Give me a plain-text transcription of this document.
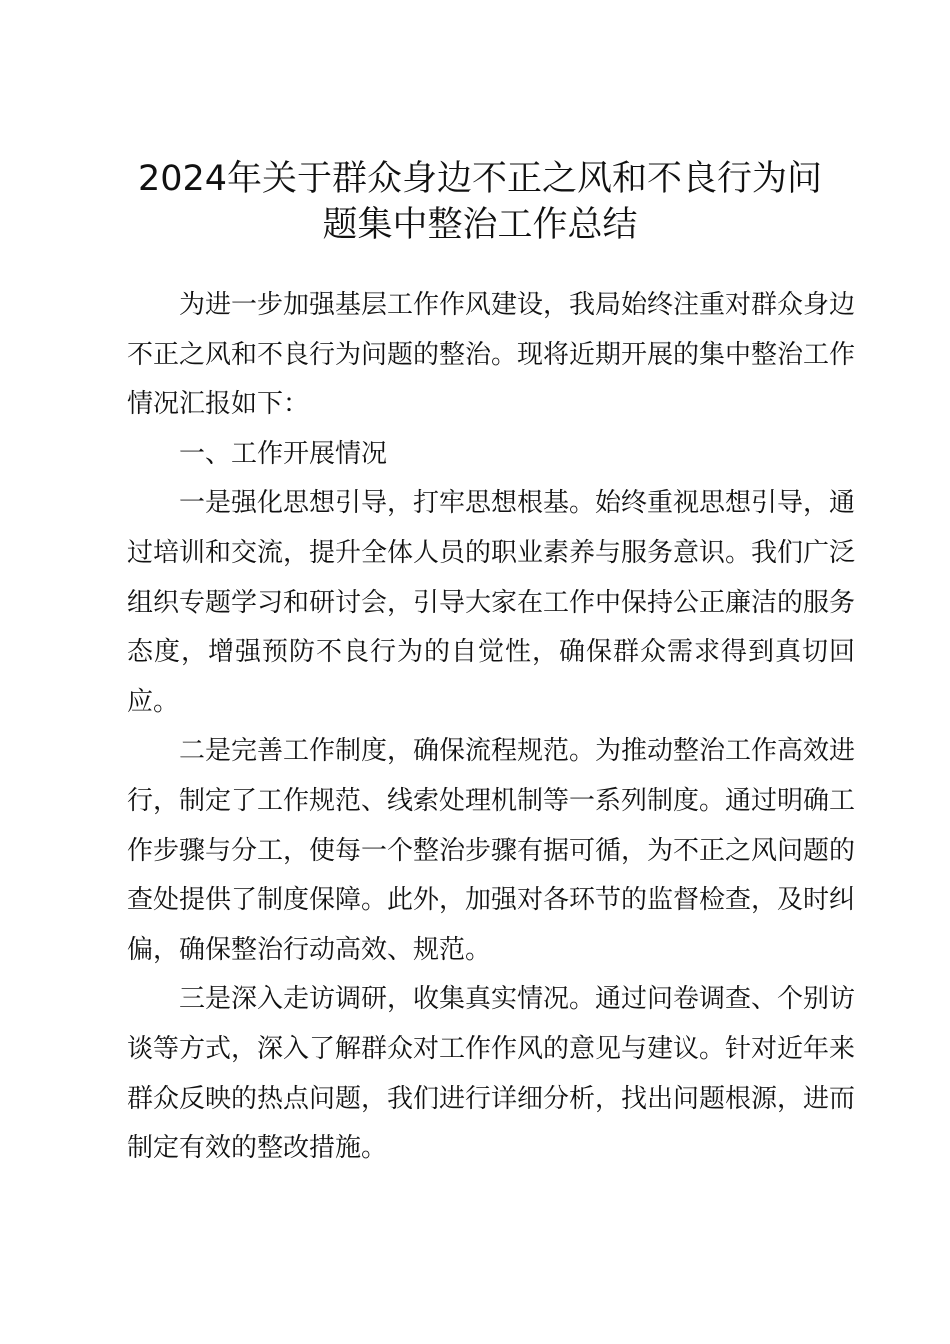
2024年关于群众身边不正之风和不良行为问
题集中整治工作总结

为进一步加强基层工作作风建设，我局始终注重对群众身边不正之风和不良行为问题的整治。现将近期开展的集中整治工作情况汇报如下：

一、工作开展情况

一是强化思想引导，打牢思想根基。始终重视思想引导，通过培训和交流，提升全体人员的职业素养与服务意识。我们广泛组织专题学习和研讨会，引导大家在工作中保持公正廉洁的服务态度，增强预防不良行为的自觉性，确保群众需求得到真切回应。

二是完善工作制度，确保流程规范。为推动整治工作高效进行，制定了工作规范、线索处理机制等一系列制度。通过明确工作步骤与分工，使每一个整治步骤有据可循，为不正之风问题的查处提供了制度保障。此外，加强对各环节的监督检查，及时纠偏，确保整治行动高效、规范。

三是深入走访调研，收集真实情况。通过问卷调查、个别访谈等方式，深入了解群众对工作作风的意见与建议。针对近年来群众反映的热点问题，我们进行详细分析，找出问题根源，进而制定有效的整改措施。
